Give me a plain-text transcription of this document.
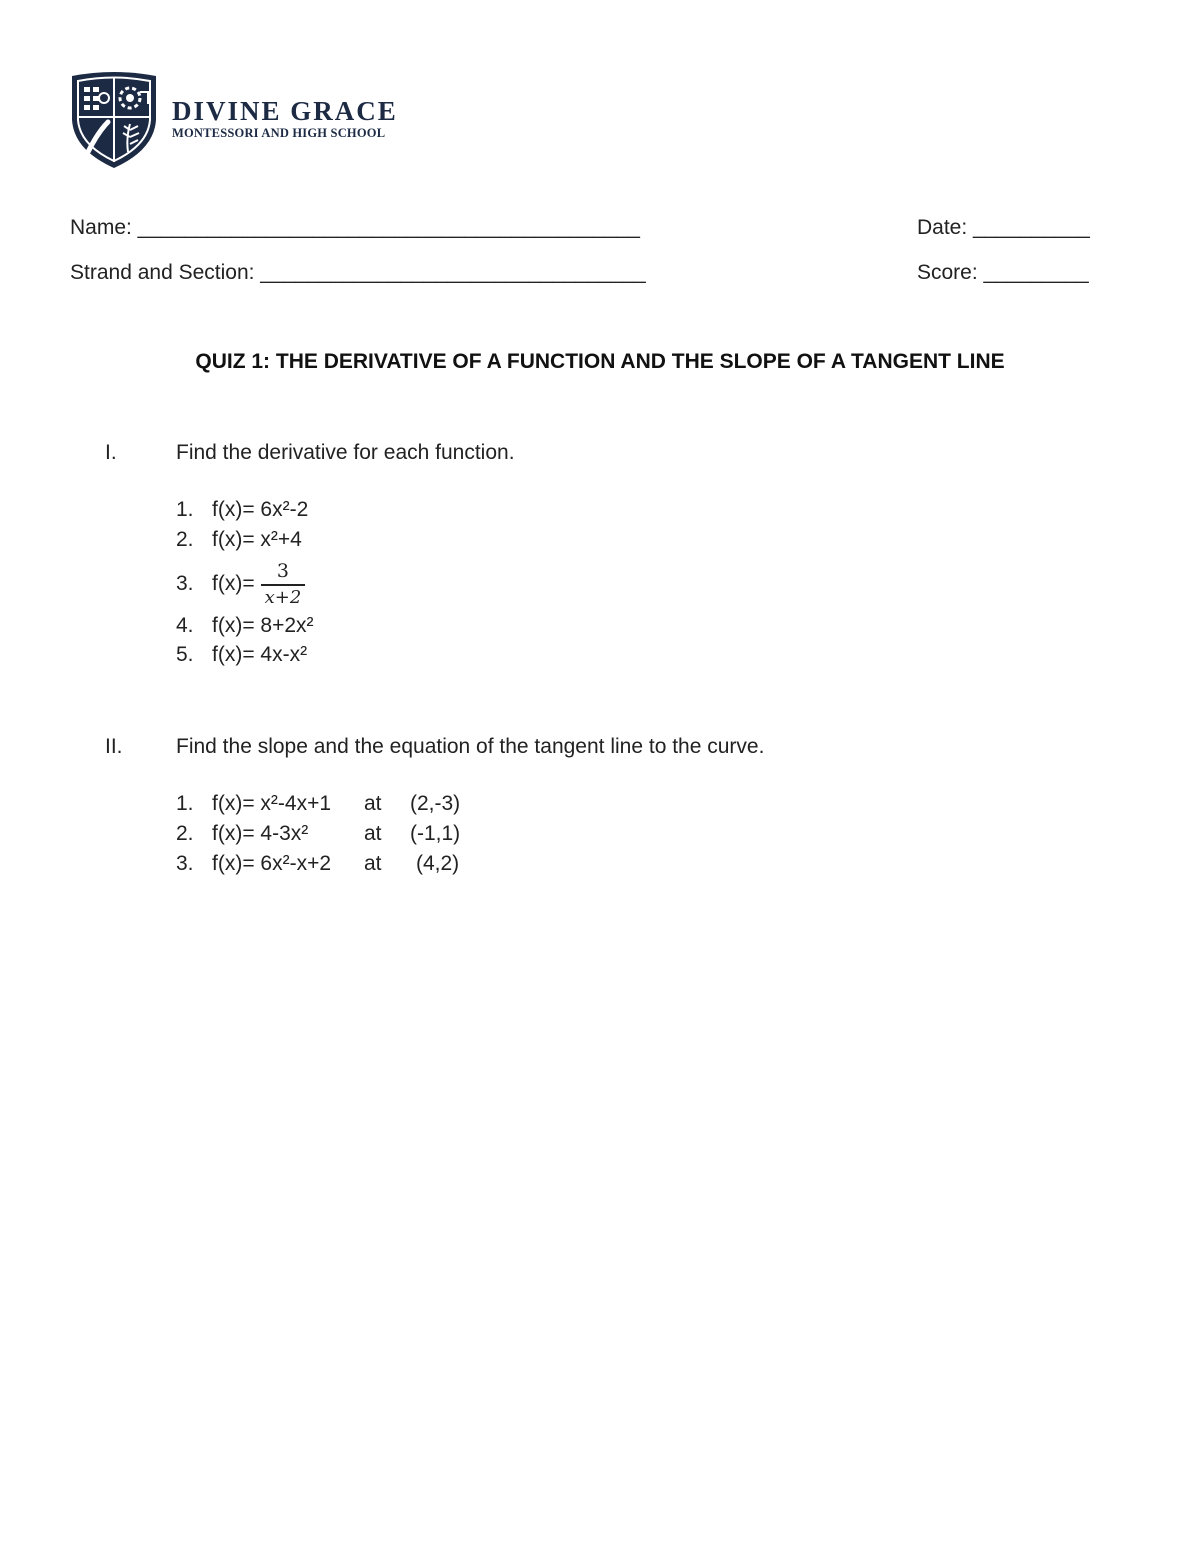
DIVINE GRACE
MONTESSORI AND HIGH SCHOOL
Name: ___________________________________________	Date: __________
Strand and Section: _________________________________	Score: _________
QUIZ 1: THE DERIVATIVE OF A FUNCTION AND THE SLOPE OF A TANGENT LINE
I.	Find the derivative for each function.
1. f(x)= 6x²-2
2. f(x)= x²+4
3. $f(x)= \frac{3}{x+2}$
4. f(x)= 8+2x²
5. f(x)= 4x-x²
II.	Find the slope and the equation of the tangent line to the curve.
1. f(x)= x²-4x+1 at (2,-3)
2. f(x)= 4-3x²	at (-1,1)
3. f(x)= 6x²-x+2 at (4,2)
